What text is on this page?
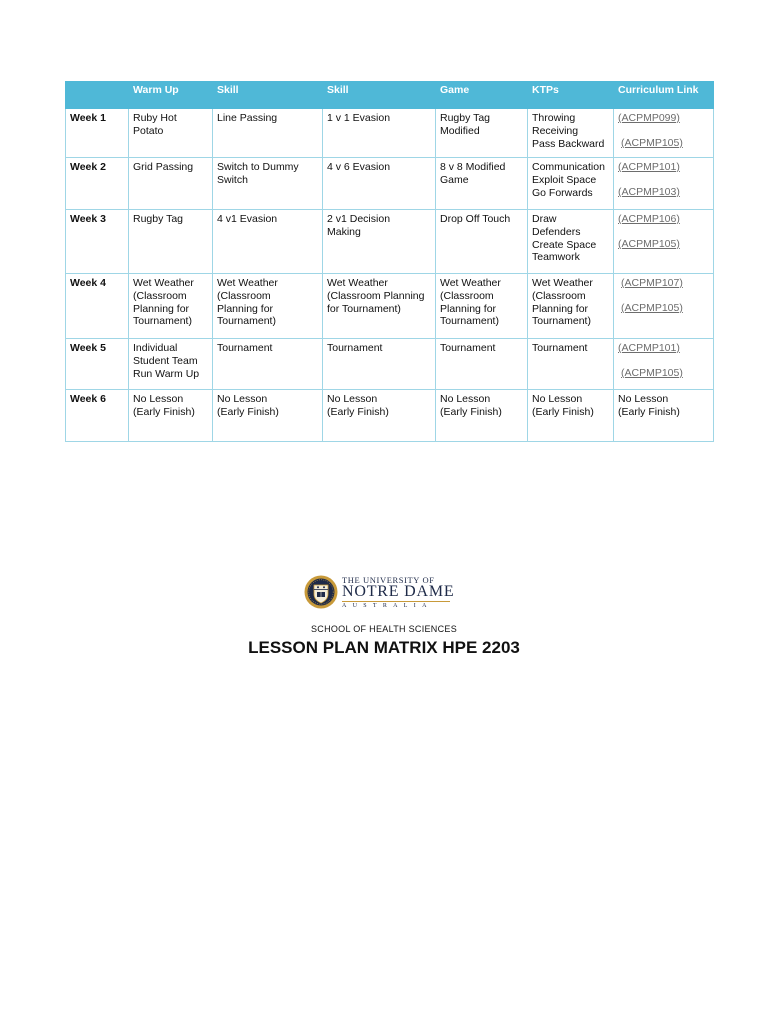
	Warm Up	Skill	Skill	Game	KTPs	Curriculum Link
Week 1	Ruby Hot
Potato	Line Passing	1 v 1 Evasion	Rugby Tag
Modified	Throwing
Receiving
Pass Backward	(ACPMP099)
(ACPMP105)

Week 2	Grid Passing	Switch to Dummy
Switch	4 v 6 Evasion	8 v 8 Modified
Game	Communication
Exploit Space
Go Forwards	(ACPMP101)
(ACPMP103)

Week 3	Rugby Tag	4 v1 Evasion	2 v1 Decision
Making	Drop Off Touch	Draw
Defenders
Create Space
Teamwork	(ACPMP106)
(ACPMP105)

Week 4	Wet Weather
(Classroom
Planning for
Tournament)	Wet Weather
(Classroom
Planning for
Tournament)	Wet Weather
(Classroom Planning
for Tournament)	Wet Weather
(Classroom
Planning for
Tournament)	Wet Weather
(Classroom
Planning for
Tournament)	(ACPMP107)
(ACPMP105)

Week 5	Individual
Student Team
Run Warm Up	Tournament	Tournament	Tournament	Tournament	(ACPMP101)
(ACPMP105)

Week 6	No Lesson
(Early Finish)	No Lesson
(Early Finish)	No Lesson
(Early Finish)	No Lesson
(Early Finish)	No Lesson
(Early Finish)	No Lesson
(Early Finish)
THE UNIVERSITY OF
NOTRE DAME
AUSTRALIA
SCHOOL OF HEALTH SCIENCES
LESSON PLAN MATRIX HPE 2203
